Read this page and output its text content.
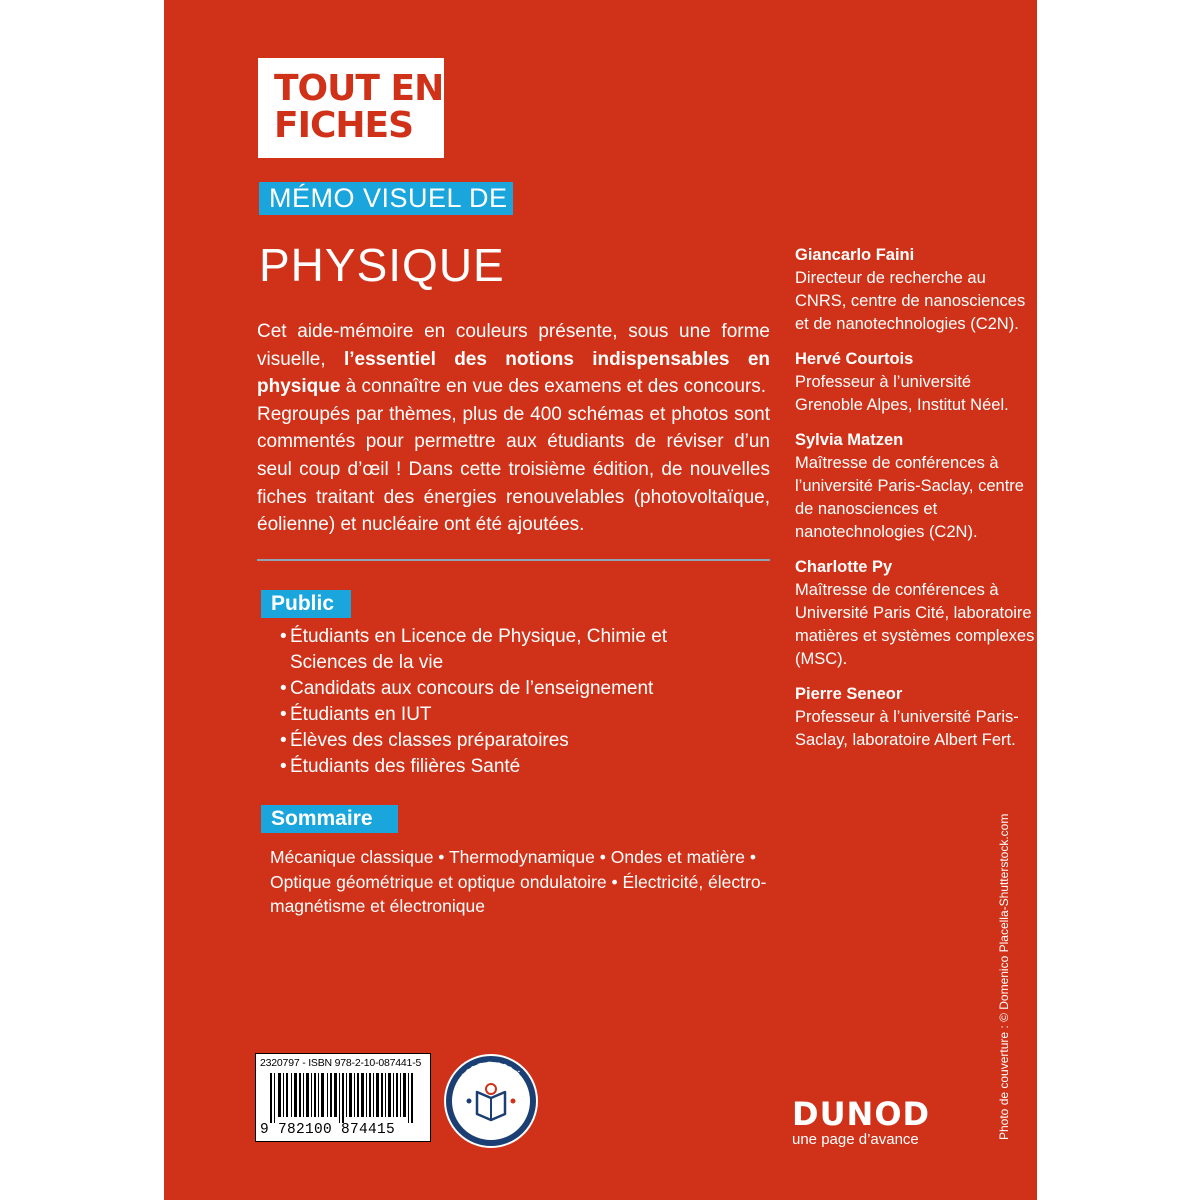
TOUT EN
FICHES
MÉMO VISUEL DE
PHYSIQUE

Cet aide-mémoire en couleurs présente, sous une forme visuelle, l’essentiel des notions indispensables en physique à connaître en vue des examens et des concours.

Regroupés par thèmes, plus de 400 schémas et photos sont commentés pour permettre aux étudiants de réviser d’un seul coup d’œil ! Dans cette troisième édition, de nouvelles fiches traitant des énergies renouvelables (photovoltaïque, éolienne) et nucléaire ont été ajoutées.

Public
• Étudiants en Licence de Physique, Chimie et Sciences de la vie
• Candidats aux concours de l’enseignement
• Étudiants en IUT
• Élèves des classes préparatoires
• Étudiants des filières Santé
Sommaire
Mécanique classique • Thermodynamique • Ondes et matière • Optique géométrique et optique ondulatoire • Électricité, électro-magnétisme et électronique
Giancarlo Faini
Directeur de recherche au CNRS, centre de nanosciences et de nanotechnologies (C2N).
Hervé Courtois
Professeur à l’université Grenoble Alpes, Institut Néel.
Sylvia Matzen
Maîtresse de conférences à l’université Paris-Saclay, centre de nanosciences et nanotechnologies (C2N).
Charlotte Py
Maîtresse de conférences à Université Paris Cité, laboratoire matières et systèmes complexes (MSC).
Pierre Seneor
Professeur à l’université Paris-Saclay, laboratoire Albert Fert.
Photo de couverture : © Domenico Placella-Shutterstock.com
2320797 - ISBN 978-2-10-087441-5
9 782100 874415
IMPRIMÉ
EN FRANCE	DUNOD
une page d’avance
